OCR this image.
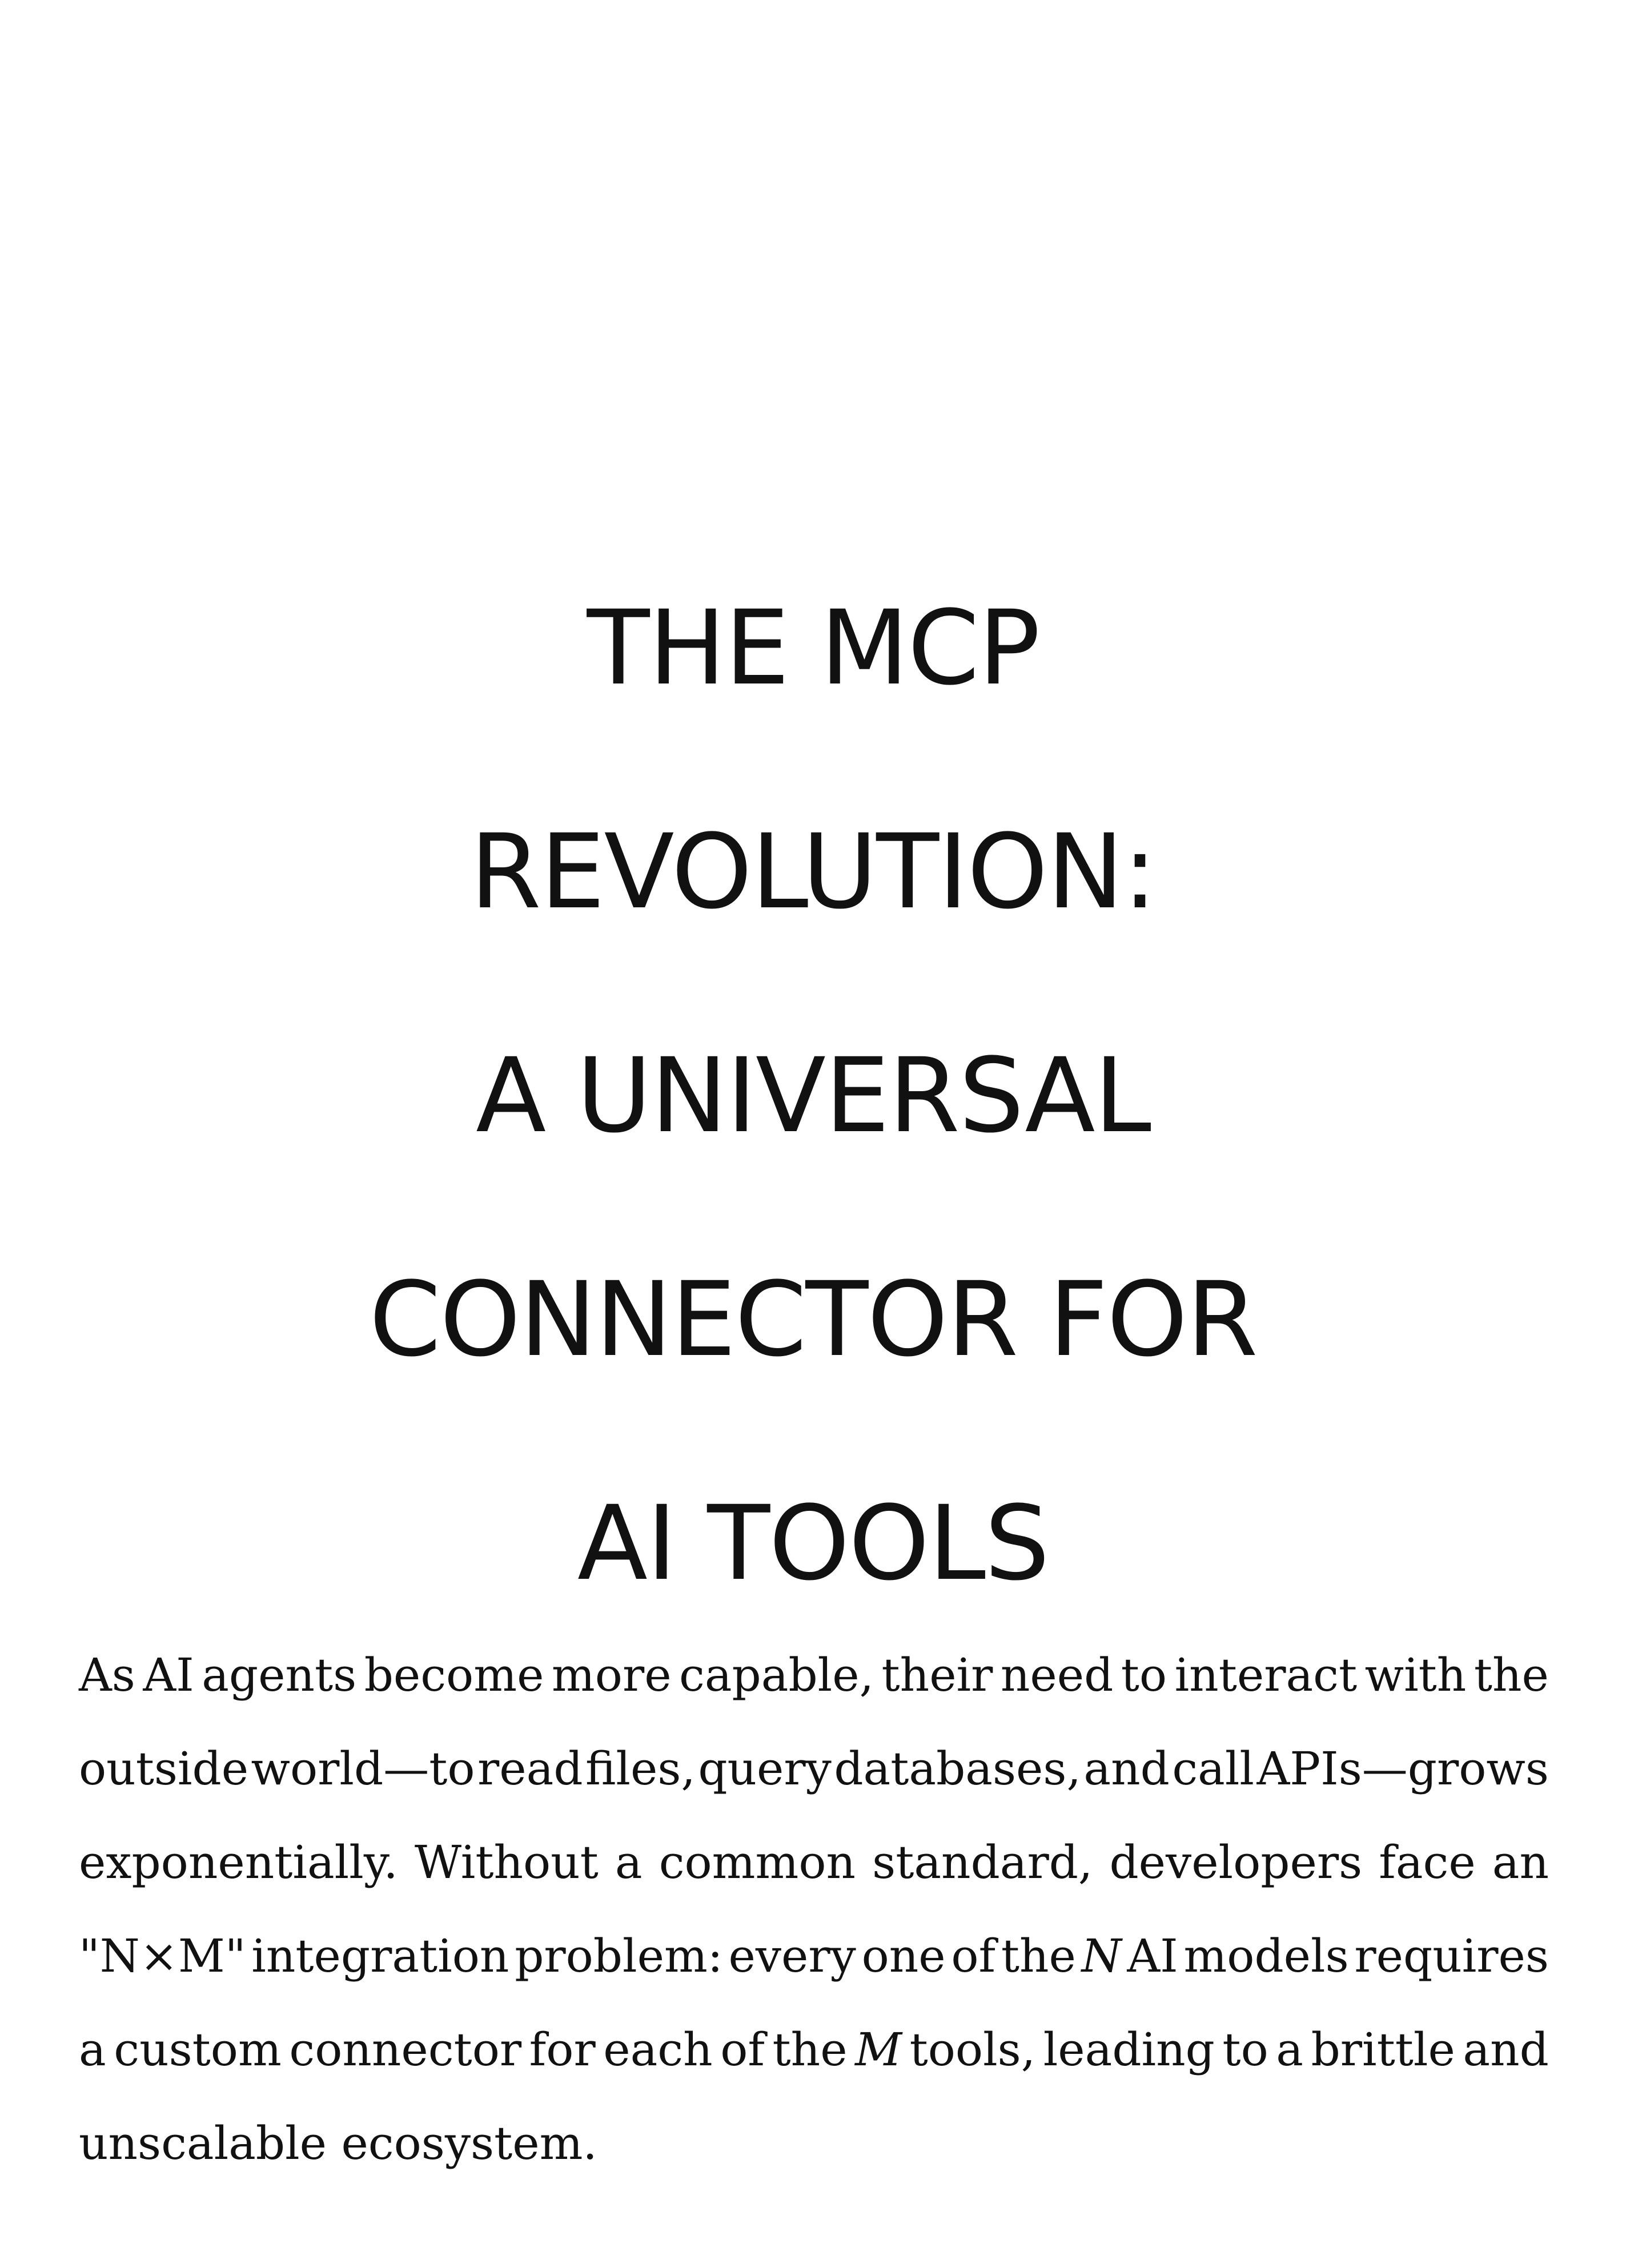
THE MCP
REVOLUTION:
A UNIVERSAL
CONNECTOR FOR
AI TOOLS
As AI agents become more capable, their need to interact with the
outside world—to read files, query databases, and call APIs—grows
exponentially. Without a common standard, developers face an
"N×M" integration problem: every one of the N AI models requires
a custom connector for each of the M tools, leading to a brittle and
unscalable ecosystem.
